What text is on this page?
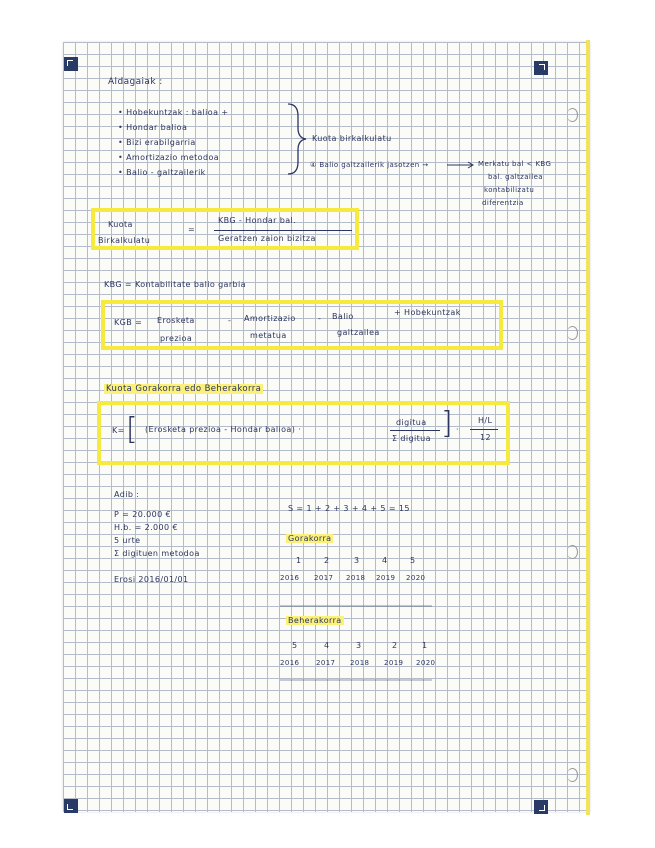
Aldagaiak :
• Hobekuntzak : balioa +
• Hondar balioa
• Bizi erabilgarria
• Amortizazio metodoa
• Balio - galtzailerik
Kuota birkalkulatu
④ Balio galtzailerik jasotzen →	Merkatu bal < KBG
bal. galtzailea
kontabilizatu
diferentzia
Kuota
Birkalkulatu
=
KBG - Hondar bal.
Geratzen zaion bizitza
KBG = Kontabilitate balio garbia
KGB = Erosketa	- Amortizazio	- Balio	+ Hobekuntzak
prezioa	metatua	galtzailea
Kuota Gorakorra edo Beherakorra
K= [ (Erosketa prezioa - Hondar balioa) ·
digitua
Σ digitua ] ·
H/L
12
Adib :
P = 20.000 €
H.b. = 2.000 €
5 urte
Σ digituen metodoa
Erosi 2016/01/01
S = 1 + 2 + 3 + 4 + 5 = 15
Gorakorra
1	2	3	4	5
2016 2017 2018 2019 2020
Beherakorra
5	4	3	2	1
2016 2017 2018 2019 2020
